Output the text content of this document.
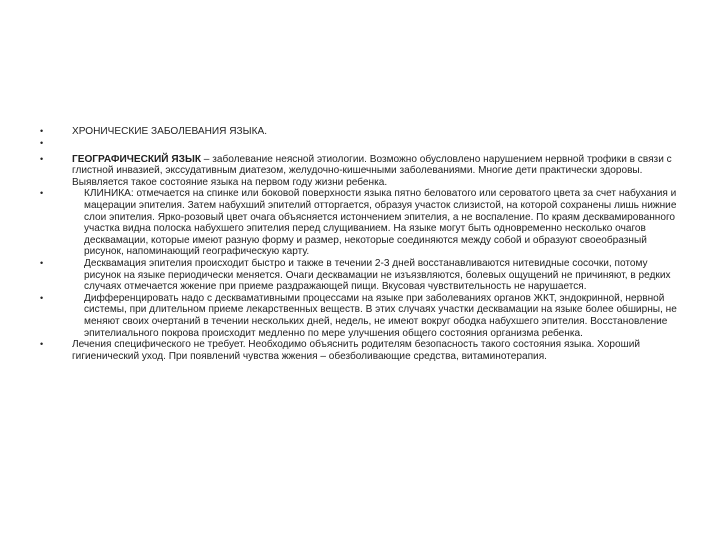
•	ХРОНИЧЕСКИЕ ЗАБОЛЕВАНИЯ ЯЗЫКА.
•
•	ГЕОГРАФИЧЕСКИЙ ЯЗЫК – заболевание неясной этиологии. Возможно обусловлено нарушением нервной трофики в связи с глистной инвазией, экссудативным диатезом, желудочно-кишечными заболеваниями. Многие дети практически здоровы. Выявляется такое состояние языка на первом году жизни ребенка.
•	КЛИНИКА: отмечается на спинке или боковой поверхности языка пятно беловатого или сероватого цвета за счет набухания и мацерации эпителия. Затем набухший эпителий отторгается, образуя участок слизистой, на которой сохранены лишь нижние слои эпителия. Ярко-розовый цвет очага объясняется истончением эпителия, а не воспаление. По краям десквамированного участка видна полоска набухшего эпителия перед слущиванием. На языке могут быть одновременно несколько очагов десквамации, которые имеют разную форму и размер, некоторые соединяются между собой и образуют своеобразный рисунок, напоминающий географическую карту.
•	Десквамация эпителия происходит быстро и также в течении 2-3 дней восстанавливаются нитевидные сосочки, потому рисунок на языке периодически меняется. Очаги десквамации не изъязвляются, болевых ощущений не причиняют, в редких случаях отмечается жжение при приеме раздражающей пищи. Вкусовая чувствительность не нарушается.
•	Дифференцировать надо с десквамативными процессами на языке при заболеваниях органов ЖКТ, эндокринной, нервной системы, при длительном приеме лекарственных веществ. В этих случаях участки десквамации на языке более обширны, не меняют своих очертаний в течении нескольких дней, недель, не имеют вокруг ободка набухшего эпителия. Восстановление эпителиального покрова происходит медленно по мере улучшения общего состояния организма ребенка.
•	Лечения специфического не требует. Необходимо объяснить родителям безопасность такого состояния языка. Хороший гигиенический уход. При появлений чувства жжения – обезболивающие средства, витаминотерапия.
